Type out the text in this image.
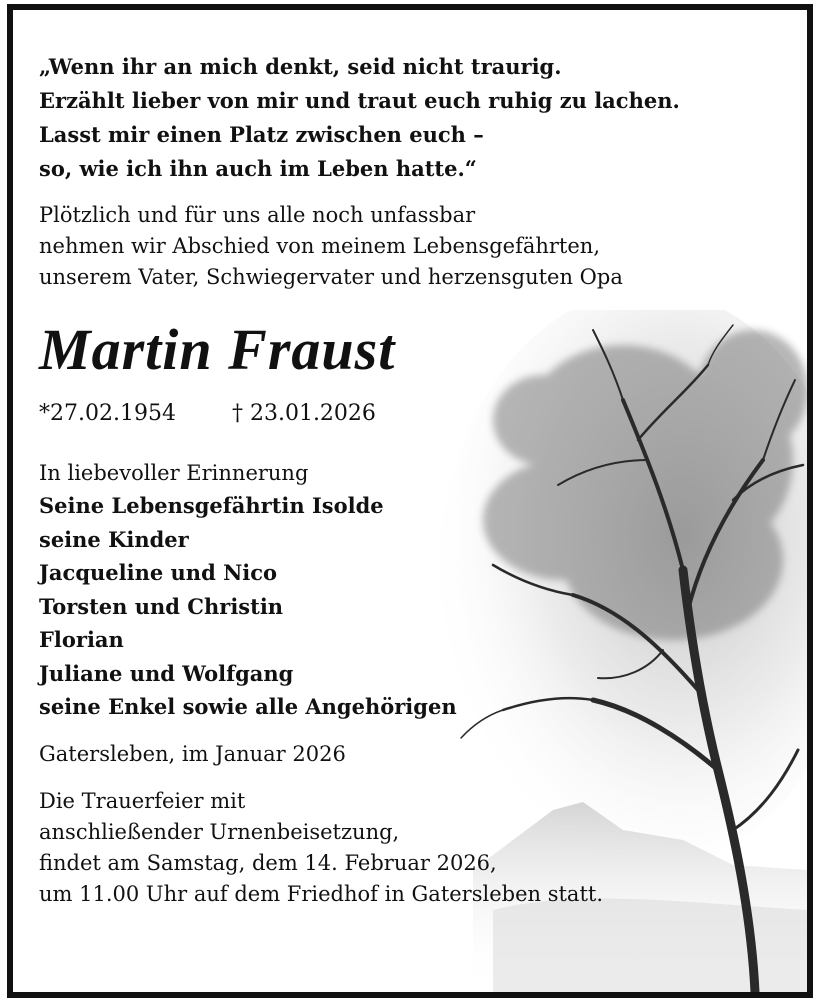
„Wenn ihr an mich denkt, seid nicht traurig.

Erzählt lieber von mir und traut euch ruhig zu lachen.

Lasst mir einen Platz zwischen euch –

so, wie ich ihn auch im Leben hatte.“

Plötzlich und für uns alle noch unfassbar

nehmen wir Abschied von meinem Lebensgefährten,

unserem Vater, Schwiegervater und herzensguten Opa

Martin Fraust
*27.02.1954	† 23.01.2026
In liebevoller Erinnerung

Seine Lebensgefährtin Isolde

seine Kinder

Jacqueline und Nico

Torsten und Christin

Florian

Juliane und Wolfgang

seine Enkel sowie alle Angehörigen

Gatersleben, im Januar 2026

Die Trauerfeier mit

anschließender Urnenbeisetzung,

findet am Samstag, dem 14. Februar 2026,

um 11.00 Uhr auf dem Friedhof in Gatersleben statt.
